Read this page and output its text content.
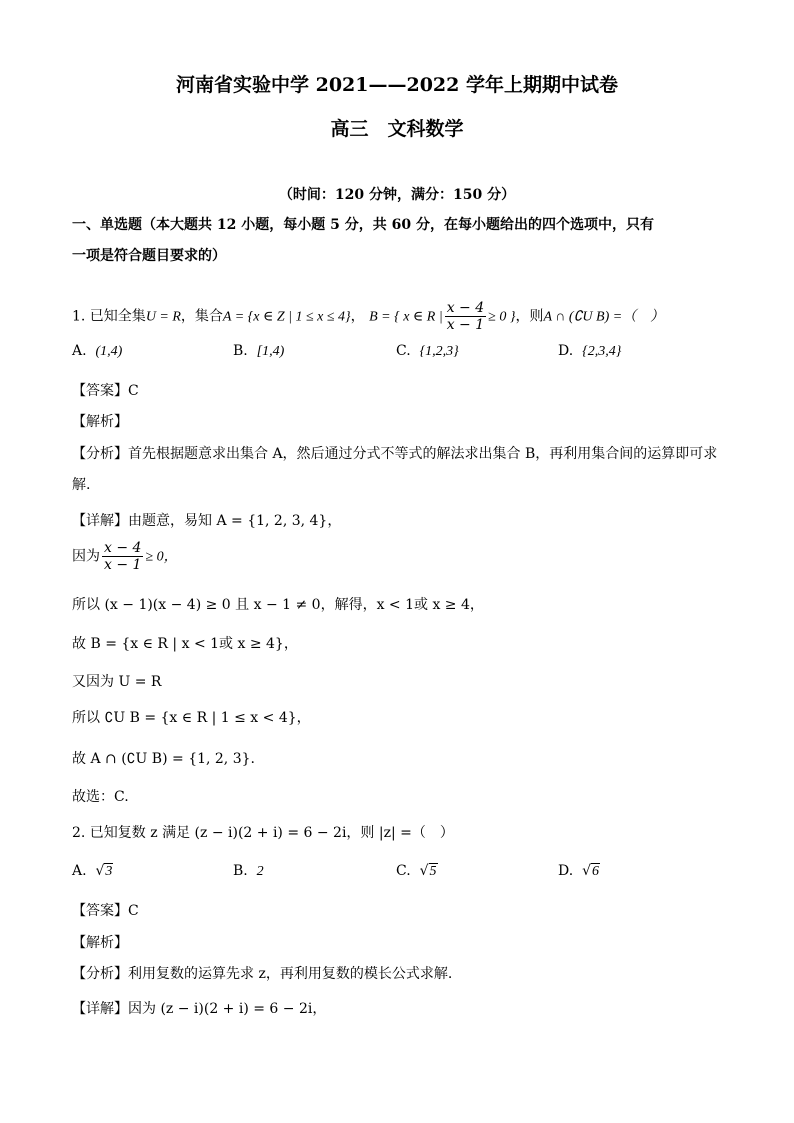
河南省实验中学 2021——2022 学年上期期中试卷
高三　文科数学
（时间：120 分钟，满分：150 分）
一、单选题（本大题共 12 小题，每小题 5 分，共 60 分，在每小题给出的四个选项中，只有
一项是符合题目要求的）
1. 已知全集U = R，集合A = {x ∈ Z | 1 ≤ x ≤ 4}， B = { x ∈ R | $\frac{x - 4}{x - 1} \ge 0$ }，则A ∩ (∁U B) =（　）
A. (1,4)	B. [1,4)	C. {1,2,3}	D. {2,3,4}
【答案】C
【解析】
【分析】首先根据题意求出集合 A，然后通过分式不等式的解法求出集合 B，再利用集合间的运算即可求
解.
【详解】由题意，易知 A = {1, 2, 3, 4}，
因为 $\frac{x - 4}{x - 1} \ge 0$，
所以 (x − 1)(x − 4) ≥ 0 且 x − 1 ≠ 0，解得，x < 1或 x ≥ 4，
故 B = {x ∈ R | x < 1或 x ≥ 4}，
又因为 U = R
所以 ∁U B = {x ∈ R | 1 ≤ x < 4}，
故 A ∩ (∁U B) = {1, 2, 3}.
故选：C.
2. 已知复数 z 满足 (z − i)(2 + i) = 6 − 2i，则 |z| =（　）
A. √3	B. 2	C. √5	D. √6
【答案】C
【解析】
【分析】利用复数的运算先求 z，再利用复数的模长公式求解.
【详解】因为 (z − i)(2 + i) = 6 − 2i，
